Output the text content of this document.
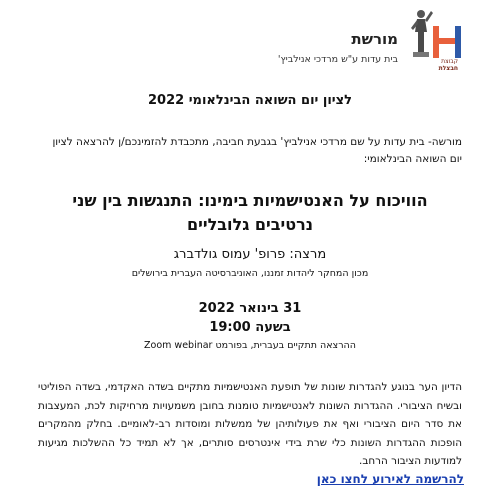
מורשת
בית עדות ע"ש מרדכי אנילביץ'	קבוצת
חבצלת
לציון יום השואה הבינלאומי 2022
מורשה- בית עדות על שם מרדכי אנילביץ' בגבעת חביבה, מתכבדת להזמינכם/ן להרצאה לציון יום השואה הבינלאומי:
הוויכוח על האנטישמיות בימינו: התנגשות בין שני
נרטיבים גלובליים
מרצה: פרופ' עמוס גולדברג
מכון המחקר ליהדות זמננו, האוניברסיטה העברית בירושלים
31 בינואר 2022
בשעה 19:00
ההרצאה תתקיים בעברית, בפורמט Zoom webinar
הדיון הער בנוגע להגדרות שונות של תופעת האנטישמיות מתקיים בשדה האקדמי, בשדה הפוליטי ובשיח הציבורי. ההגדרות השונות לאנטישמיות טומנות בחובן משמעויות מרחיקות לכת, המעצבות את סדר היום הציבורי ואף את פעולותיהן של ממשלות ומוסדות רב-לאומיים. בחלק מהמקרים הופכות ההגדרות השונות כלי שרת בידי אינטרסים סותרים, אך לא תמיד כל ההשלכות מגיעות למודעות הציבור הרחב.
להרשמה לאירוע לחצו כאן
